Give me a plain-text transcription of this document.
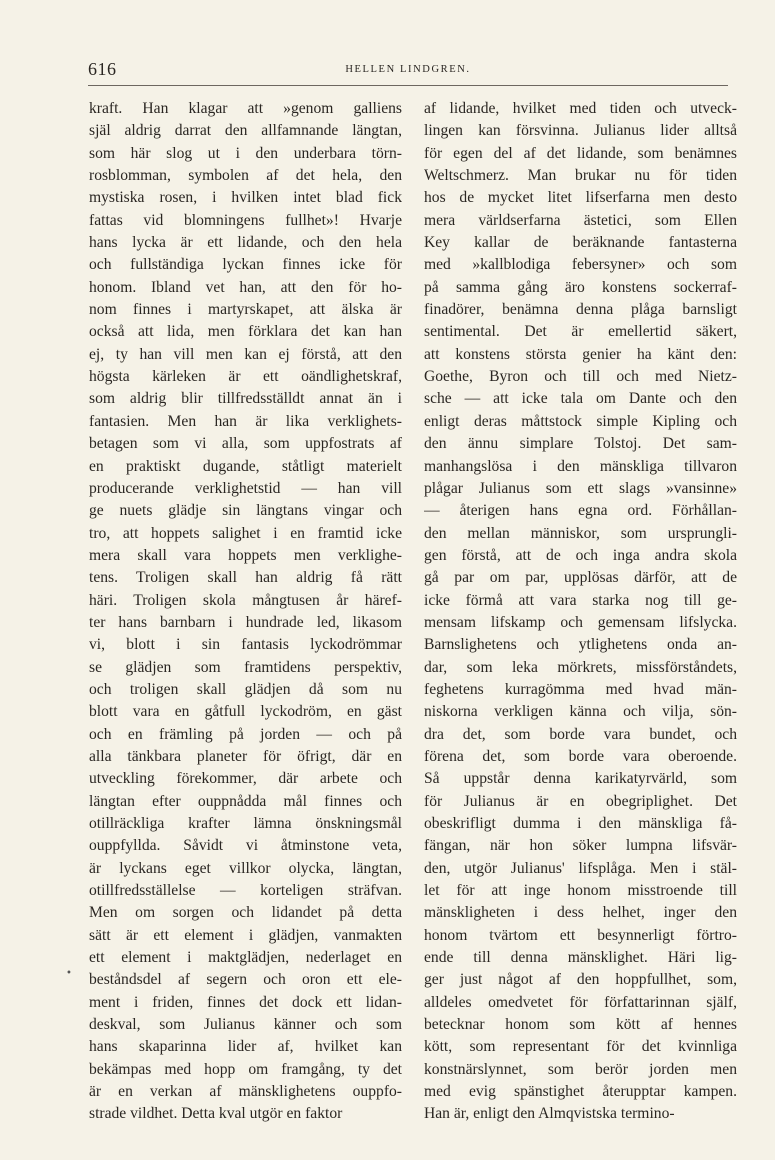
616	HELLEN LINDGREN.
kraft. Han klagar att »genom galliens
själ aldrig darrat den allfamnande längtan,
som här slog ut i den underbara törn-
rosblomman, symbolen af det hela, den
mystiska rosen, i hvilken intet blad fick
fattas vid blomningens fullhet»! Hvarje
hans lycka är ett lidande, och den hela
och fullständiga lyckan finnes icke för
honom. Ibland vet han, att den för ho-
nom finnes i martyrskapet, att älska är
också att lida, men förklara det kan han
ej, ty han vill men kan ej förstå, att den
högsta kärleken är ett oändlighetskraf,
som aldrig blir tillfredsställdt annat än i
fantasien. Men han är lika verklighets-
betagen som vi alla, som uppfostrats af
en praktiskt dugande, ståtligt materielt
producerande verklighetstid — han vill
ge nuets glädje sin längtans vingar och
tro, att hoppets salighet i en framtid icke
mera skall vara hoppets men verklighe-
tens. Troligen skall han aldrig få rätt
häri. Troligen skola mångtusen år häref-
ter hans barnbarn i hundrade led, likasom
vi, blott i sin fantasis lyckodrömmar
se glädjen som framtidens perspektiv,
och troligen skall glädjen då som nu
blott vara en gåtfull lyckodröm, en gäst
och en främling på jorden — och på
alla tänkbara planeter för öfrigt, där en
utveckling förekommer, där arbete och
längtan efter ouppnådda mål finnes och
otillräckliga krafter lämna önskningsmål
ouppfyllda. Såvidt vi åtminstone veta,
är lyckans eget villkor olycka, längtan,
otillfredsställelse — korteligen sträfvan.
Men om sorgen och lidandet på detta
sätt är ett element i glädjen, vanmakten
ett element i maktglädjen, nederlaget en
beståndsdel af segern och oron ett ele-
ment i friden, finnes det dock ett lidan-
deskval, som Julianus känner och som
hans skaparinna lider af, hvilket kan
bekämpas med hopp om framgång, ty det
är en verkan af mänsklighetens ouppfo-
strade vildhet. Detta kval utgör en faktor
af lidande, hvilket med tiden och utveck-
lingen kan försvinna. Julianus lider alltså
för egen del af det lidande, som benämnes
Weltschmerz. Man brukar nu för tiden
hos de mycket litet lifserfarna men desto
mera världserfarna ästetici, som Ellen
Key kallar de beräknande fantasterna
med »kallblodiga febersyner» och som
på samma gång äro konstens sockerraf-
finadörer, benämna denna plåga barnsligt
sentimental. Det är emellertid säkert,
att konstens största genier ha känt den:
Goethe, Byron och till och med Nietz-
sche — att icke tala om Dante och den
enligt deras måttstock simple Kipling och
den ännu simplare Tolstoj. Det sam-
manhangslösa i den mänskliga tillvaron
plågar Julianus som ett slags »vansinne»
— återigen hans egna ord. Förhållan-
den mellan människor, som ursprungli-
gen förstå, att de och inga andra skola
gå par om par, upplösas därför, att de
icke förmå att vara starka nog till ge-
mensam lifskamp och gemensam lifslycka.
Barnslighetens och ytlighetens onda an-
dar, som leka mörkrets, missförståndets,
feghetens kurragömma med hvad män-
niskorna verkligen känna och vilja, sön-
dra det, som borde vara bundet, och
förena det, som borde vara oberoende.
Så uppstår denna karikatyrvärld, som
för Julianus är en obegriplighet. Det
obeskrifligt dumma i den mänskliga få-
fängan, när hon söker lumpna lifsvär-
den, utgör Julianus' lifsplåga. Men i stäl-
let för att inge honom misstroende till
mänskligheten i dess helhet, inger den
honom tvärtom ett besynnerligt förtro-
ende till denna mänsklighet. Häri lig-
ger just något af den hoppfullhet, som,
alldeles omedvetet för författarinnan själf,
betecknar honom som kött af hennes
kött, som representant för det kvinnliga
konstnärslynnet, som berör jorden men
med evig spänstighet återupptar kampen.
Han är, enligt den Almqvistska termino-
•
